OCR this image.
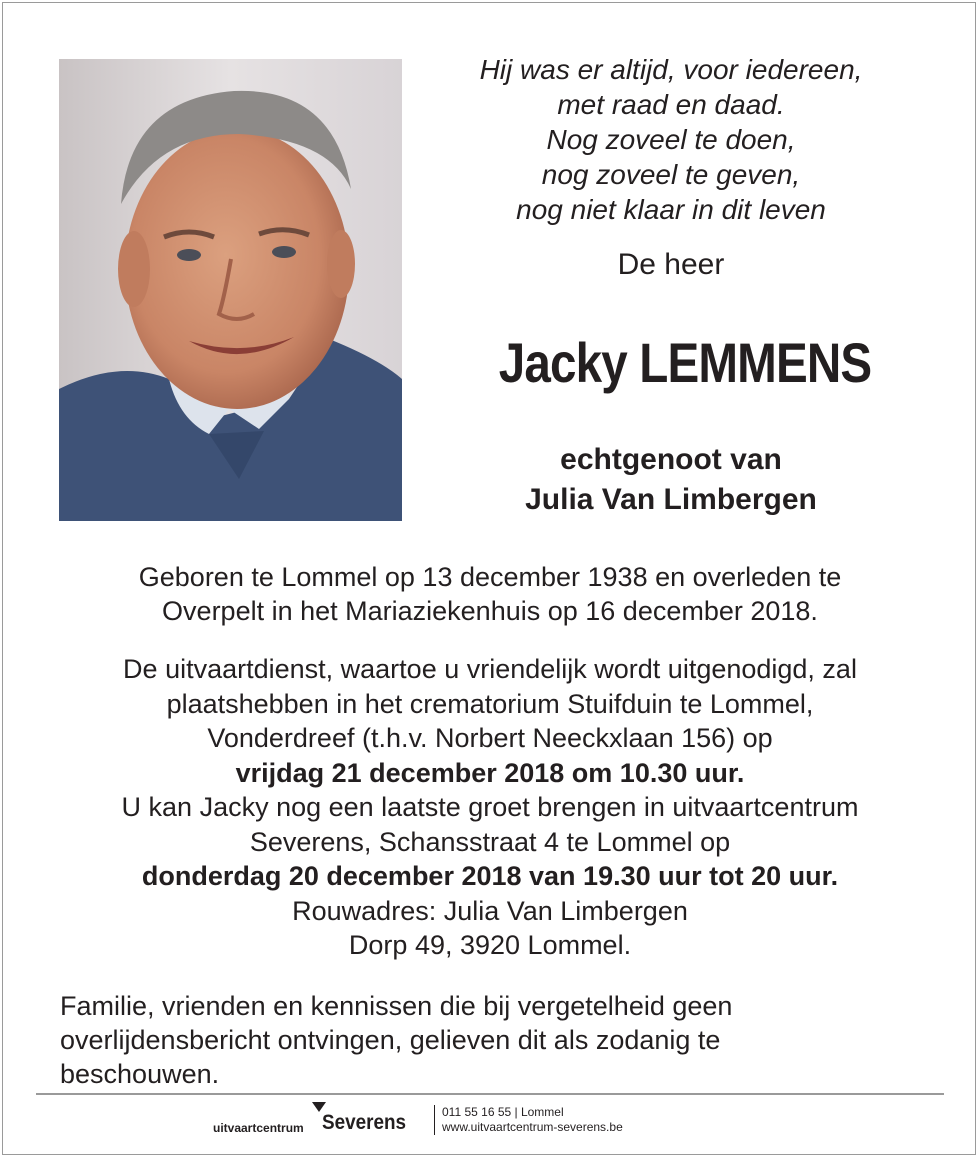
Hij was er altijd, voor iedereen,
met raad en daad.
Nog zoveel te doen,
nog zoveel te geven,
nog niet klaar in dit leven
De heer
Jacky LEMMENS
echtgenoot van
Julia Van Limbergen
Geboren te Lommel op 13 december 1938 en overleden te
Overpelt in het Mariaziekenhuis op 16 december 2018.
De uitvaartdienst, waartoe u vriendelijk wordt uitgenodigd, zal
plaatshebben in het crematorium Stuifduin te Lommel,
Vonderdreef (t.h.v. Norbert Neeckxlaan 156) op
vrijdag 21 december 2018 om 10.30 uur.
U kan Jacky nog een laatste groet brengen in uitvaartcentrum
Severens, Schansstraat 4 te Lommel op
donderdag 20 december 2018 van 19.30 uur tot 20 uur.
Rouwadres: Julia Van Limbergen
Dorp 49, 3920 Lommel.
Familie, vrienden en kennissen die bij vergetelheid geen
overlijdensbericht ontvingen, gelieven dit als zodanig te
beschouwen.
uitvaartcentrum Severens	011 55 16 55 | Lommel
www.uitvaartcentrum-severens.be
